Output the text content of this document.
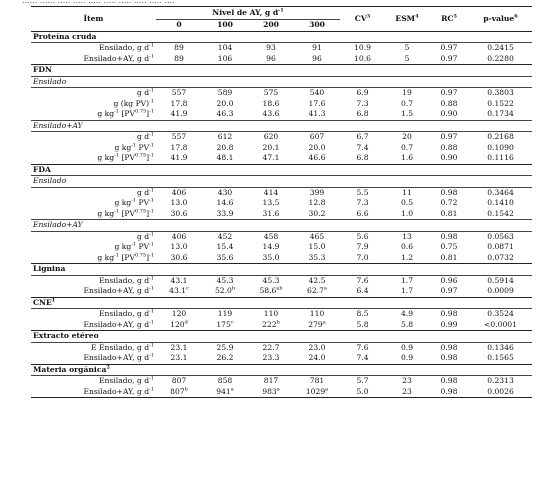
...... ...... ..... ..... ..... ..... ..... ..... ..... ....
Ítem	Nivel de AY, g $d^{-1}$				$CV^3$	ESM$^4$	$RC^5$	p-value$^6$
	0	100	200	300				
Proteína cruda								
Ensilado, g $d^{-1}$	89	104	93	91	10.9	5	0.97	0.2415
Ensilado+AY, g $d^{-1}$	89	106	96	96	10.6	5	0.97	0.2280
FDN								
Ensilado								
g $d^{-1}$	557	589	575	540	6.9	19	0.97	0.3803
g (kg PV)$^{-1}$	17.8	20.0	18.6	17.6	7.3	0.7	0.88	0.1522
g $kg^{-1}$ $[PV^{0.75}]^{-1}$	41.9	46.3	43.6	41.3	6.8	1.5	0.90	0.1734
Ensilado+AY								
g $d^{-1}$	557	612	620	607	6.7	20	0.97	0.2168
g $kg^{-1}$ $PV^{-1}$	17.8	20.8	20.1	20.0	7.4	0.7	0.88	0.1090
g $kg^{-1}$ $[PV^{0.75}]^{-1}$	41.9	48.1	47.1	46.6	6.8	1.6	0.90	0.1116
FDA								
Ensilado								
g $d^{-1}$	406	430	414	399	5.5	11	0.98	0.3464
g $kg^{-1}$ $PV^{-1}$	13.0	14.6	13.5	12.8	7.3	0.5	0.72	0.1410
g $kg^{-1}$ $[PV^{0.75}]^{-1}$	30.6	33.9	31.6	30.2	6.6	1.0	0.81	0.1542
Ensilado+AY								
g $d^{-1}$	406	452	458	465	5.6	13	0.98	0.0563
g $kg^{-1}$ $PV^{-1}$	13.0	15.4	14.9	15.0	7.9	0.6	0.75	0.0871
g $kg^{-1}$ $[PV^{0.75}]^{-1}$	30.6	35.6	35.0	35.3	7.0	1.2	0.81	0.0732
Lignina								
Ensilado, g $d^{-1}$	43.1	45.3	45.3	42.5	7.6	1.7	0.96	0.5914
Ensilado+AY, g $d^{-1}$	43.1$^c$	52.0$^b$	58.6$^{ab}$	62.7$^a$	6.4	1.7	0.97	0.0009
CNE$^1$
Ensilado, g $d^{-1}$	120	119	110	110	8.5	4.9	0.98	0.3524
Ensilado+AY, g $d^{-1}$	120$^d$	175$^c$	222$^b$	279$^a$	5.8	5.8	0.99	<0.0001
Extracto etéreo								
E Ensilado, g $d^{-1}$	23.1	25.9	22.7	23.0	7.6	0.9	0.98	0.1346
Ensilado+AY, g $d^{-1}$	23.1	26.2	23.3	24.0	7.4	0.9	0.98	0.1565
Materia orgánica$^2$
Ensilado, g $d^{-1}$	807	858	817	781	5.7	23	0.98	0.2313
Ensilado+AY, g $d^{-1}$	807$^b$	941$^a$	983$^a$	1029$^a$	5.0	23	0.98	0.0026
